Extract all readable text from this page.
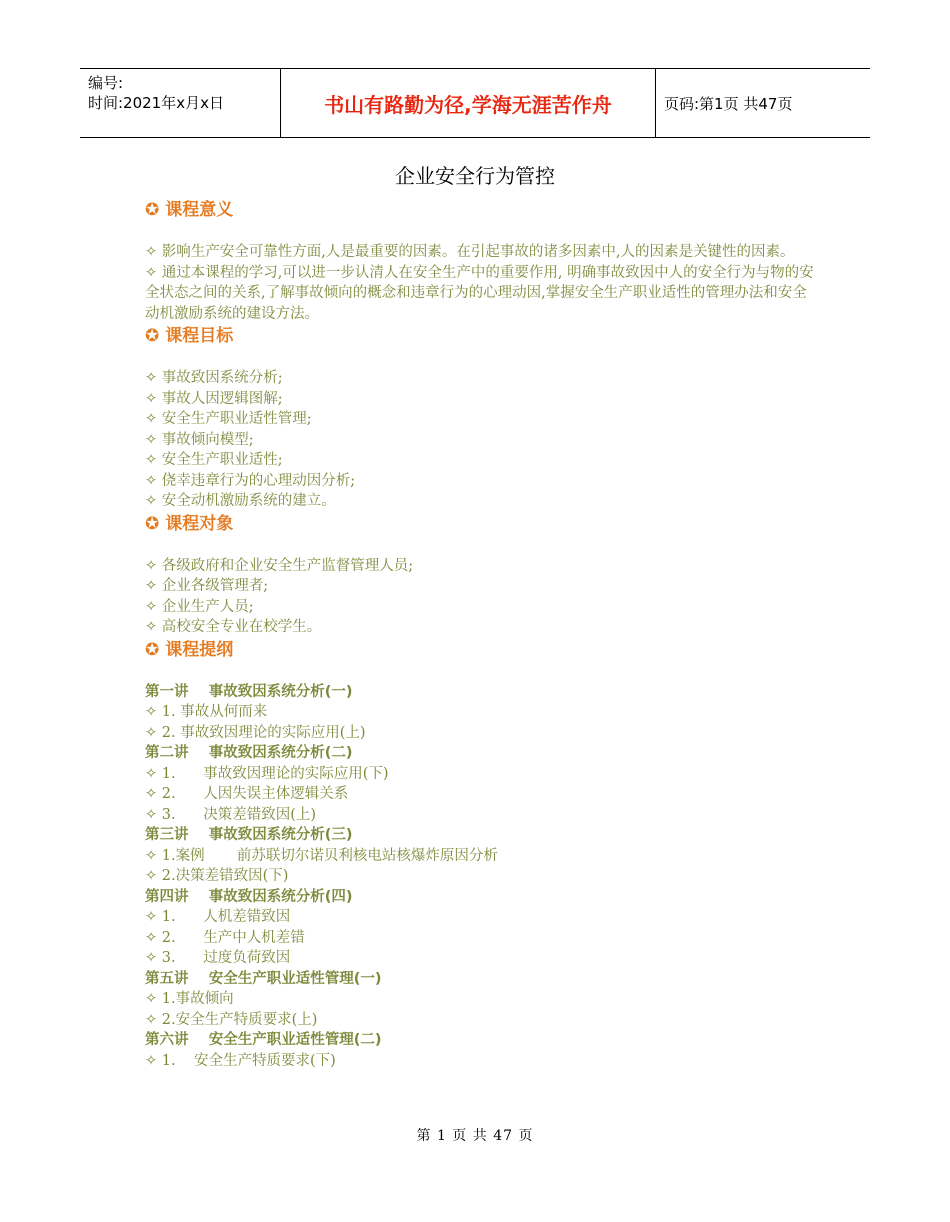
编号:
时间:2021年x月x日	书山有路勤为径,学海无涯苦作舟	页码:第1页 共47页
企业安全行为管控
✪ 课程意义
✧ 影响生产安全可靠性方面,人是最重要的因素。在引起事故的诸多因素中,人的因素是关键性的因素。
✧ 通过本课程的学习,可以进一步认清人在安全生产中的重要作用, 明确事故致因中人的安全行为与物的安全状态之间的关系,了解事故倾向的概念和违章行为的心理动因,掌握安全生产职业适性的管理办法和安全动机激励系统的建设方法。
✪ 课程目标
✧ 事故致因系统分析;
✧ 事故人因逻辑图解;
✧ 安全生产职业适性管理;
✧ 事故倾向模型;
✧ 安全生产职业适性;
✧ 侥幸违章行为的心理动因分析;
✧ 安全动机激励系统的建立。
✪ 课程对象
✧ 各级政府和企业安全生产监督管理人员;
✧ 企业各级管理者;
✧ 企业生产人员;
✧ 高校安全专业在校学生。
✪ 课程提纲
第一讲    事故致因系统分析(一)
✧ 1. 事故从何而来
✧ 2. 事故致因理论的实际应用(上)
第二讲    事故致因系统分析(二)
✧ 1.      事故致因理论的实际应用(下)
✧ 2.      人因失误主体逻辑关系
✧ 3.      决策差错致因(上)
第三讲    事故致因系统分析(三)
✧ 1.案例       前苏联切尔诺贝利核电站核爆炸原因分析
✧ 2.决策差错致因(下)
第四讲    事故致因系统分析(四)
✧ 1.      人机差错致因
✧ 2.      生产中人机差错
✧ 3.      过度负荷致因
第五讲    安全生产职业适性管理(一)
✧ 1.事故倾向
✧ 2.安全生产特质要求(上)
第六讲    安全生产职业适性管理(二)
✧ 1.    安全生产特质要求(下)
第 1 页 共 47 页
